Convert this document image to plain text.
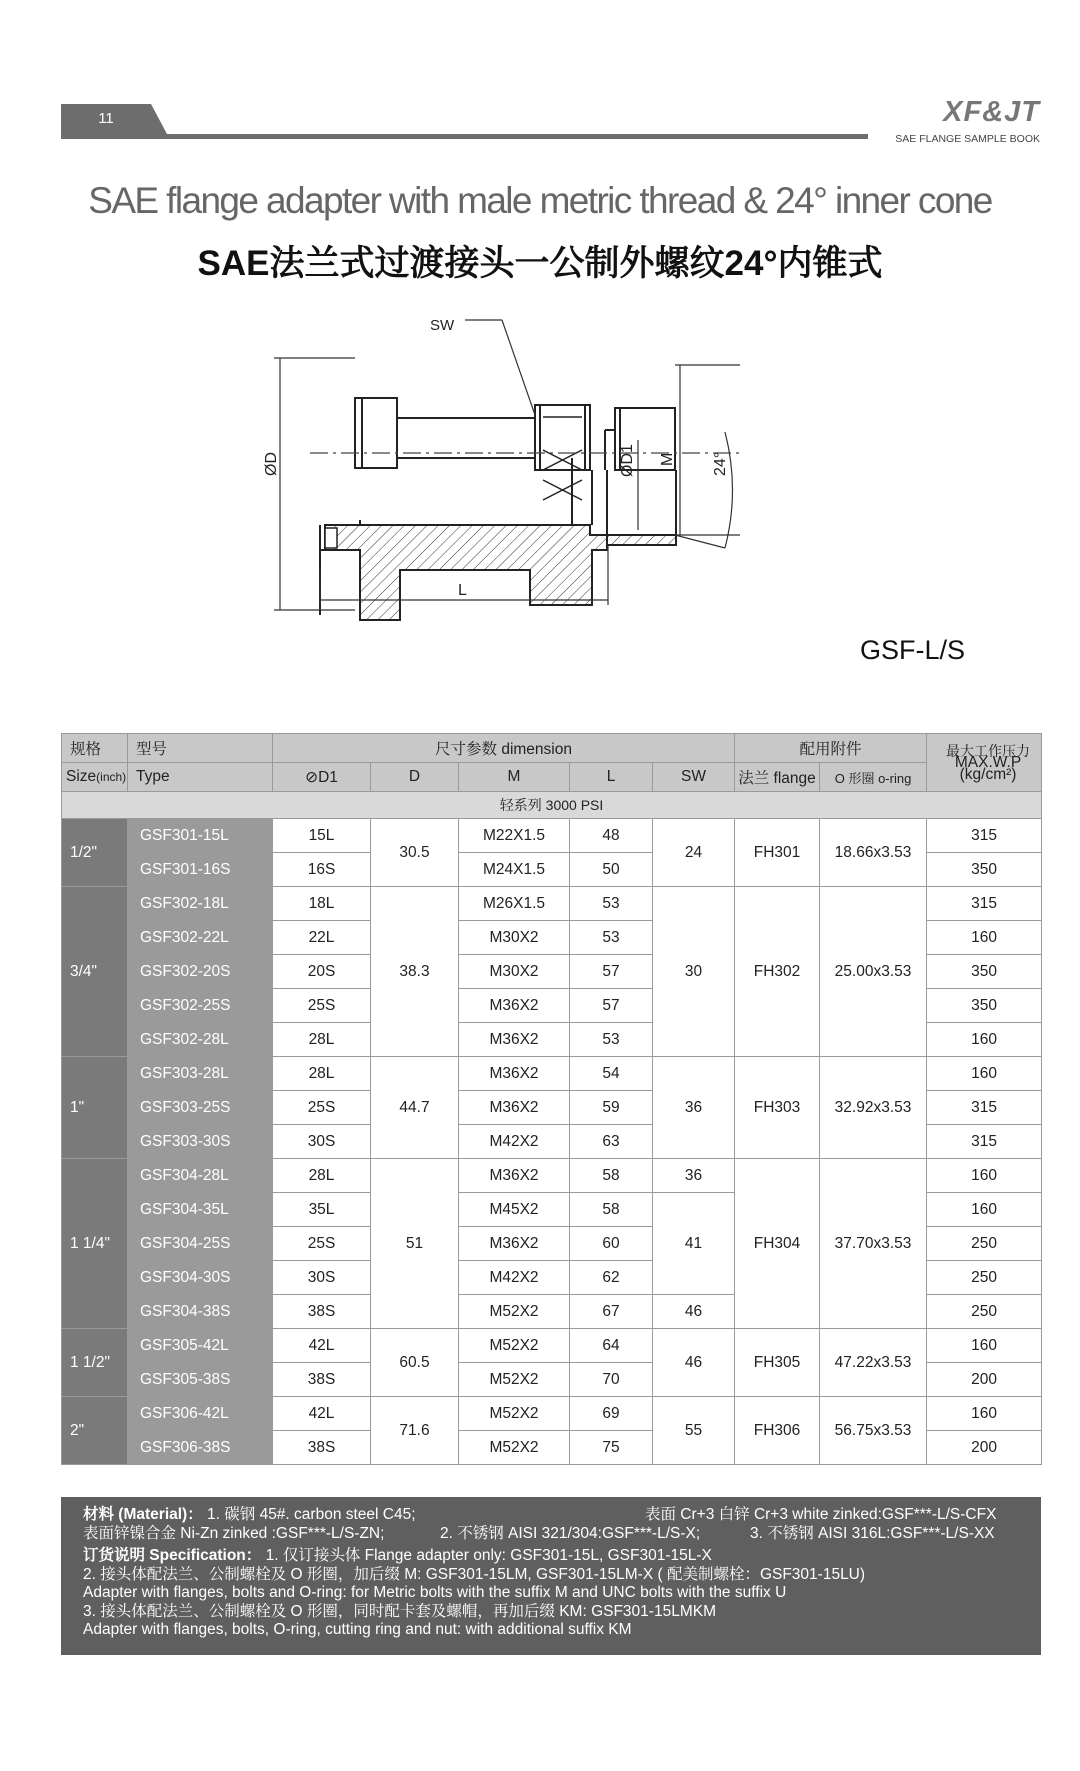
11	XF&JT
SAE FLANGE SAMPLE BOOK
SAE flange adapter with male metric thread & 24° inner cone
SAE法兰式过渡接头一公制外螺纹24°内锥式
SW
ØD	ØD1 M 24°
L
GSF-L/S
规格	型号	尺寸参数 dimension					配用附件		最大工作压力
MAX.W.P
(kg/cm²)

Size(inch)	Type	⊘D1	D	M	L	SW	法兰 flange	O 形圈 o-ring	
轻系列 3000 PSI									
1/2"	GSF301-15L	15L	30.5	M22X1.5	48	24	FH301	18.66x3.53	315
	GSF301-16S	16S		M24X1.5	50				350
3/4"	GSF302-18L	18L	38.3	M26X1.5	53	30	FH302	25.00x3.53	315
	GSF302-22L	22L		M30X2	53				160
	GSF302-20S	20S		M30X2	57				350
	GSF302-25S	25S		M36X2	57				350
	GSF302-28L	28L		M36X2	53				160
1"	GSF303-28L	28L	44.7	M36X2	54	36	FH303	32.92x3.53	160
	GSF303-25S	25S		M36X2	59				315
	GSF303-30S	30S		M42X2	63				315
1 1/4"	GSF304-28L	28L	51	M36X2	58	36	FH304	37.70x3.53	160
	GSF304-35L	35L		M45X2	58	41			160
	GSF304-25S	25S		M36X2	60				250
	GSF304-30S	30S		M42X2	62				250
	GSF304-38S	38S		M52X2	67	46			250
1 1/2"	GSF305-42L	42L	60.5	M52X2	64	46	FH305	47.22x3.53	160
	GSF305-38S	38S		M52X2	70				200
2"	GSF306-42L	42L	71.6	M52X2	69	55	FH306	56.75x3.53	160
	GSF306-38S	38S		M52X2	75				200
材料 (Material)： 1. 碳钢 45#. carbon steel C45;	表面 Cr+3 白锌 Cr+3 white zinked:GSF***-L/S-CFX
表面锌镍合金 Ni-Zn zinked :GSF***-L/S-ZN;	2. 不锈钢 AISI 321/304:GSF***-L/S-X;	3. 不锈钢 AISI 316L:GSF***-L/S-XX
订货说明 Specification： 1. 仅订接头体 Flange adapter only: GSF301-15L, GSF301-15L-X
2. 接头体配法兰、公制螺栓及 O 形圈，加后缀 M: GSF301-15LM, GSF301-15LM-X ( 配美制螺栓：GSF301-15LU)
Adapter with flanges, bolts and O-ring: for Metric bolts with the suffix M and UNC bolts with the suffix U
3. 接头体配法兰、公制螺栓及 O 形圈，同时配卡套及螺帽，再加后缀 KM: GSF301-15LMKM
Adapter with flanges, bolts, O-ring, cutting ring and nut: with additional suffix KM
